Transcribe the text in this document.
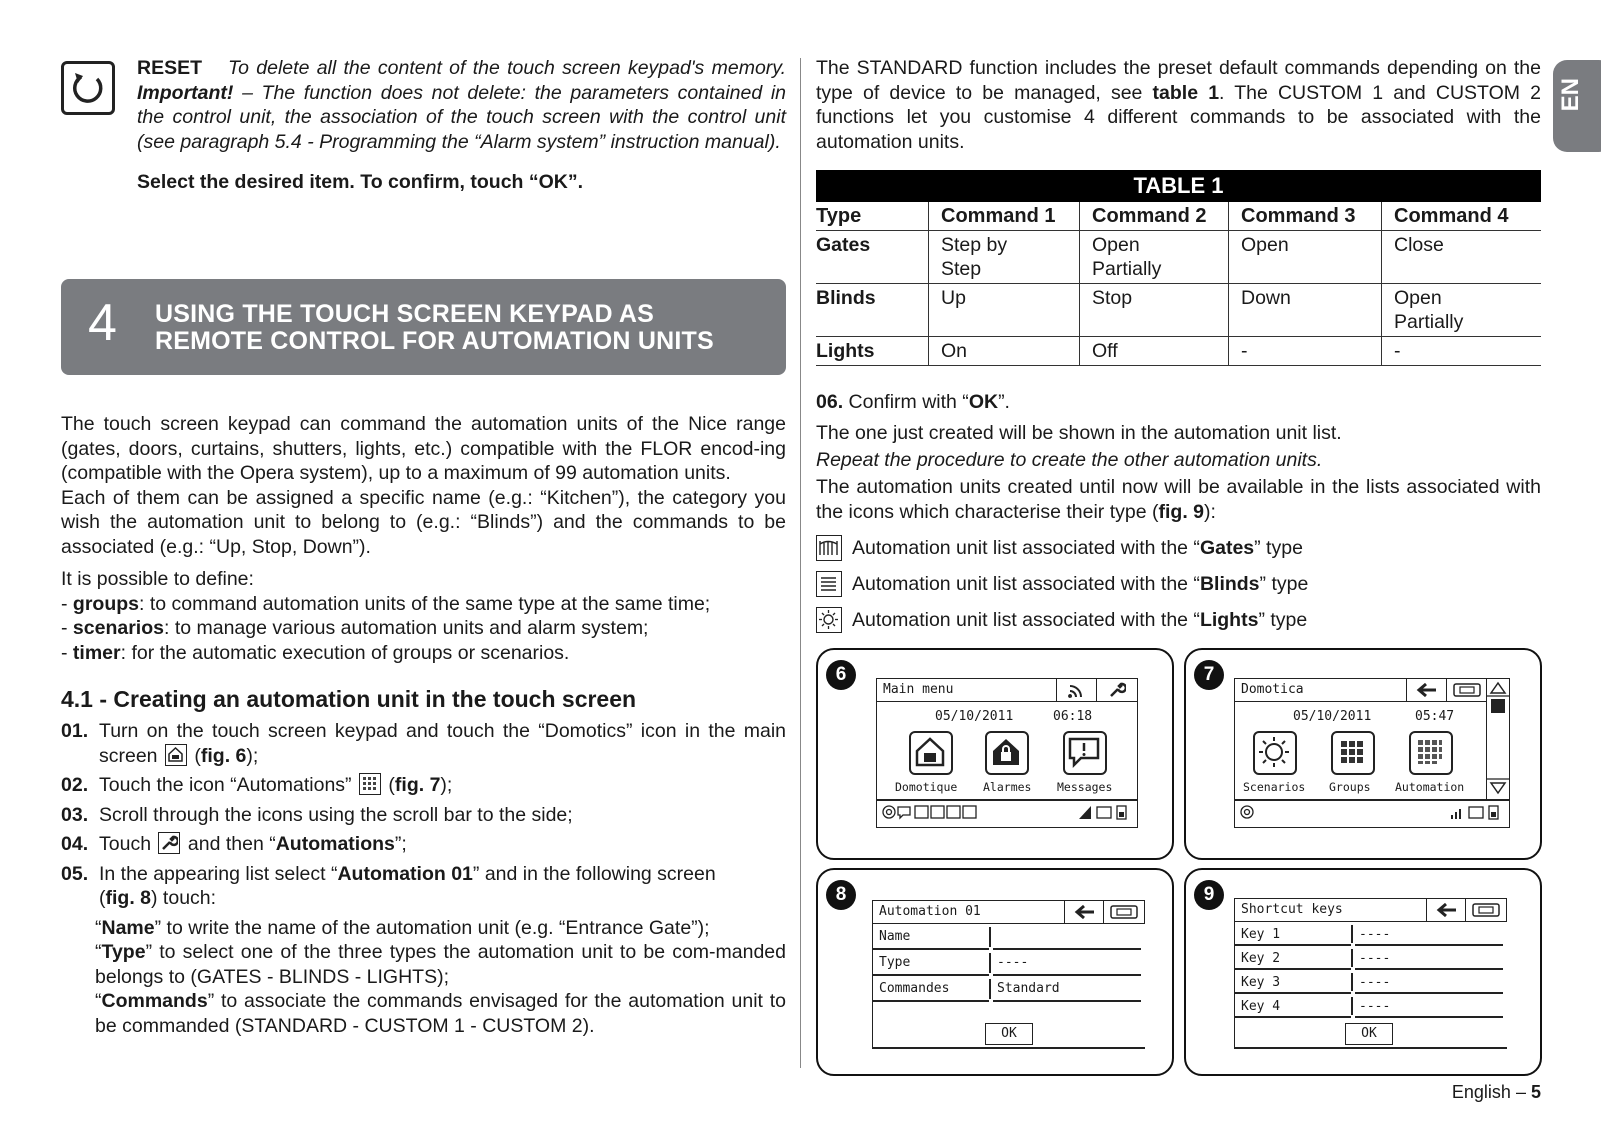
RESET To delete all the content of the touch screen keypad's memory. Important! – The function does not delete: the parameters contained in the control unit, the association of the touch screen with the control unit (see paragraph 5.4 - Programming the “Alarm system” instruction manual).

Select the desired item. To confirm, touch “OK”.

4 USING THE TOUCH SCREEN KEYPAD AS
REMOTE CONTROL FOR AUTOMATION UNITS

The touch screen keypad can command the automation units of the Nice range (gates, doors, curtains, shutters, lights, etc.) compatible with the FLOR encod-ing (compatible with the Opera system), up to a maximum of 99 automation units.

Each of them can be assigned a specific name (e.g.: “Kitchen”), the category you wish the automation unit to belong to (e.g.: “Blinds”) and the commands to be associated (e.g.: “Up, Stop, Down”).

It is possible to define:

- groups: to command automation units of the same type at the same time;

- scenarios: to manage various automation units and alarm system;

- timer: for the automatic execution of groups or scenarios.

4.1 - Creating an automation unit in the touch screen
01. Turn on the touch screen keypad and touch the “Domotics” icon in the main screen
(fig. 6);
02. Touch the icon “Automations”
(fig. 7);
03. Scroll through the icons using the scroll bar to the side;
04. Touch and then “Automations”;
05. In the appearing list select “Automation 01” and in the following screen
(fig. 8) touch:

“Name” to write the name of the automation unit (e.g. “Entrance Gate”);

“Type” to select one of the three types the automation unit to be com-manded belongs to (GATES - BLINDS - LIGHTS);

“Commands” to associate the commands envisaged for the automation unit to be commanded (STANDARD - CUSTOM 1 - CUSTOM 2).

The STANDARD function includes the preset default commands depending on the type of device to be managed, see table 1. The CUSTOM 1 and CUSTOM 2 functions let you customise 4 different commands to be associated with the automation units.

TABLE 1				
Type	Command 1	Command 2	Command 3	Command 4
Gates	Step by Step	Open Partially	Open	Close
Blinds	Up	Stop	Down	Open Partially
Lights	On	Off	-	-

06. Confirm with “OK”.

The one just created will be shown in the automation unit list.

Repeat the procedure to create the other automation units.

The automation units created until now will be available in the lists associated with the icons which characterise their type (fig. 9):

Automation unit list associated with the “Gates” type
Automation unit list associated with the “Blinds” type
Automation unit list associated with the “Lights” type
EN
6
Main menu
05/10/2011	06:18
Domotique Alarmes Messages
7
Domotica
05/10/2011	05:47
Scenarios Groups Automation
8
Automation 01
Name
Type	----
Commandes	Standard
OK
9
Shortcut keys
Key 1	----
Key 2	----
Key 3	----
Key 4	----
OK
English – 5
